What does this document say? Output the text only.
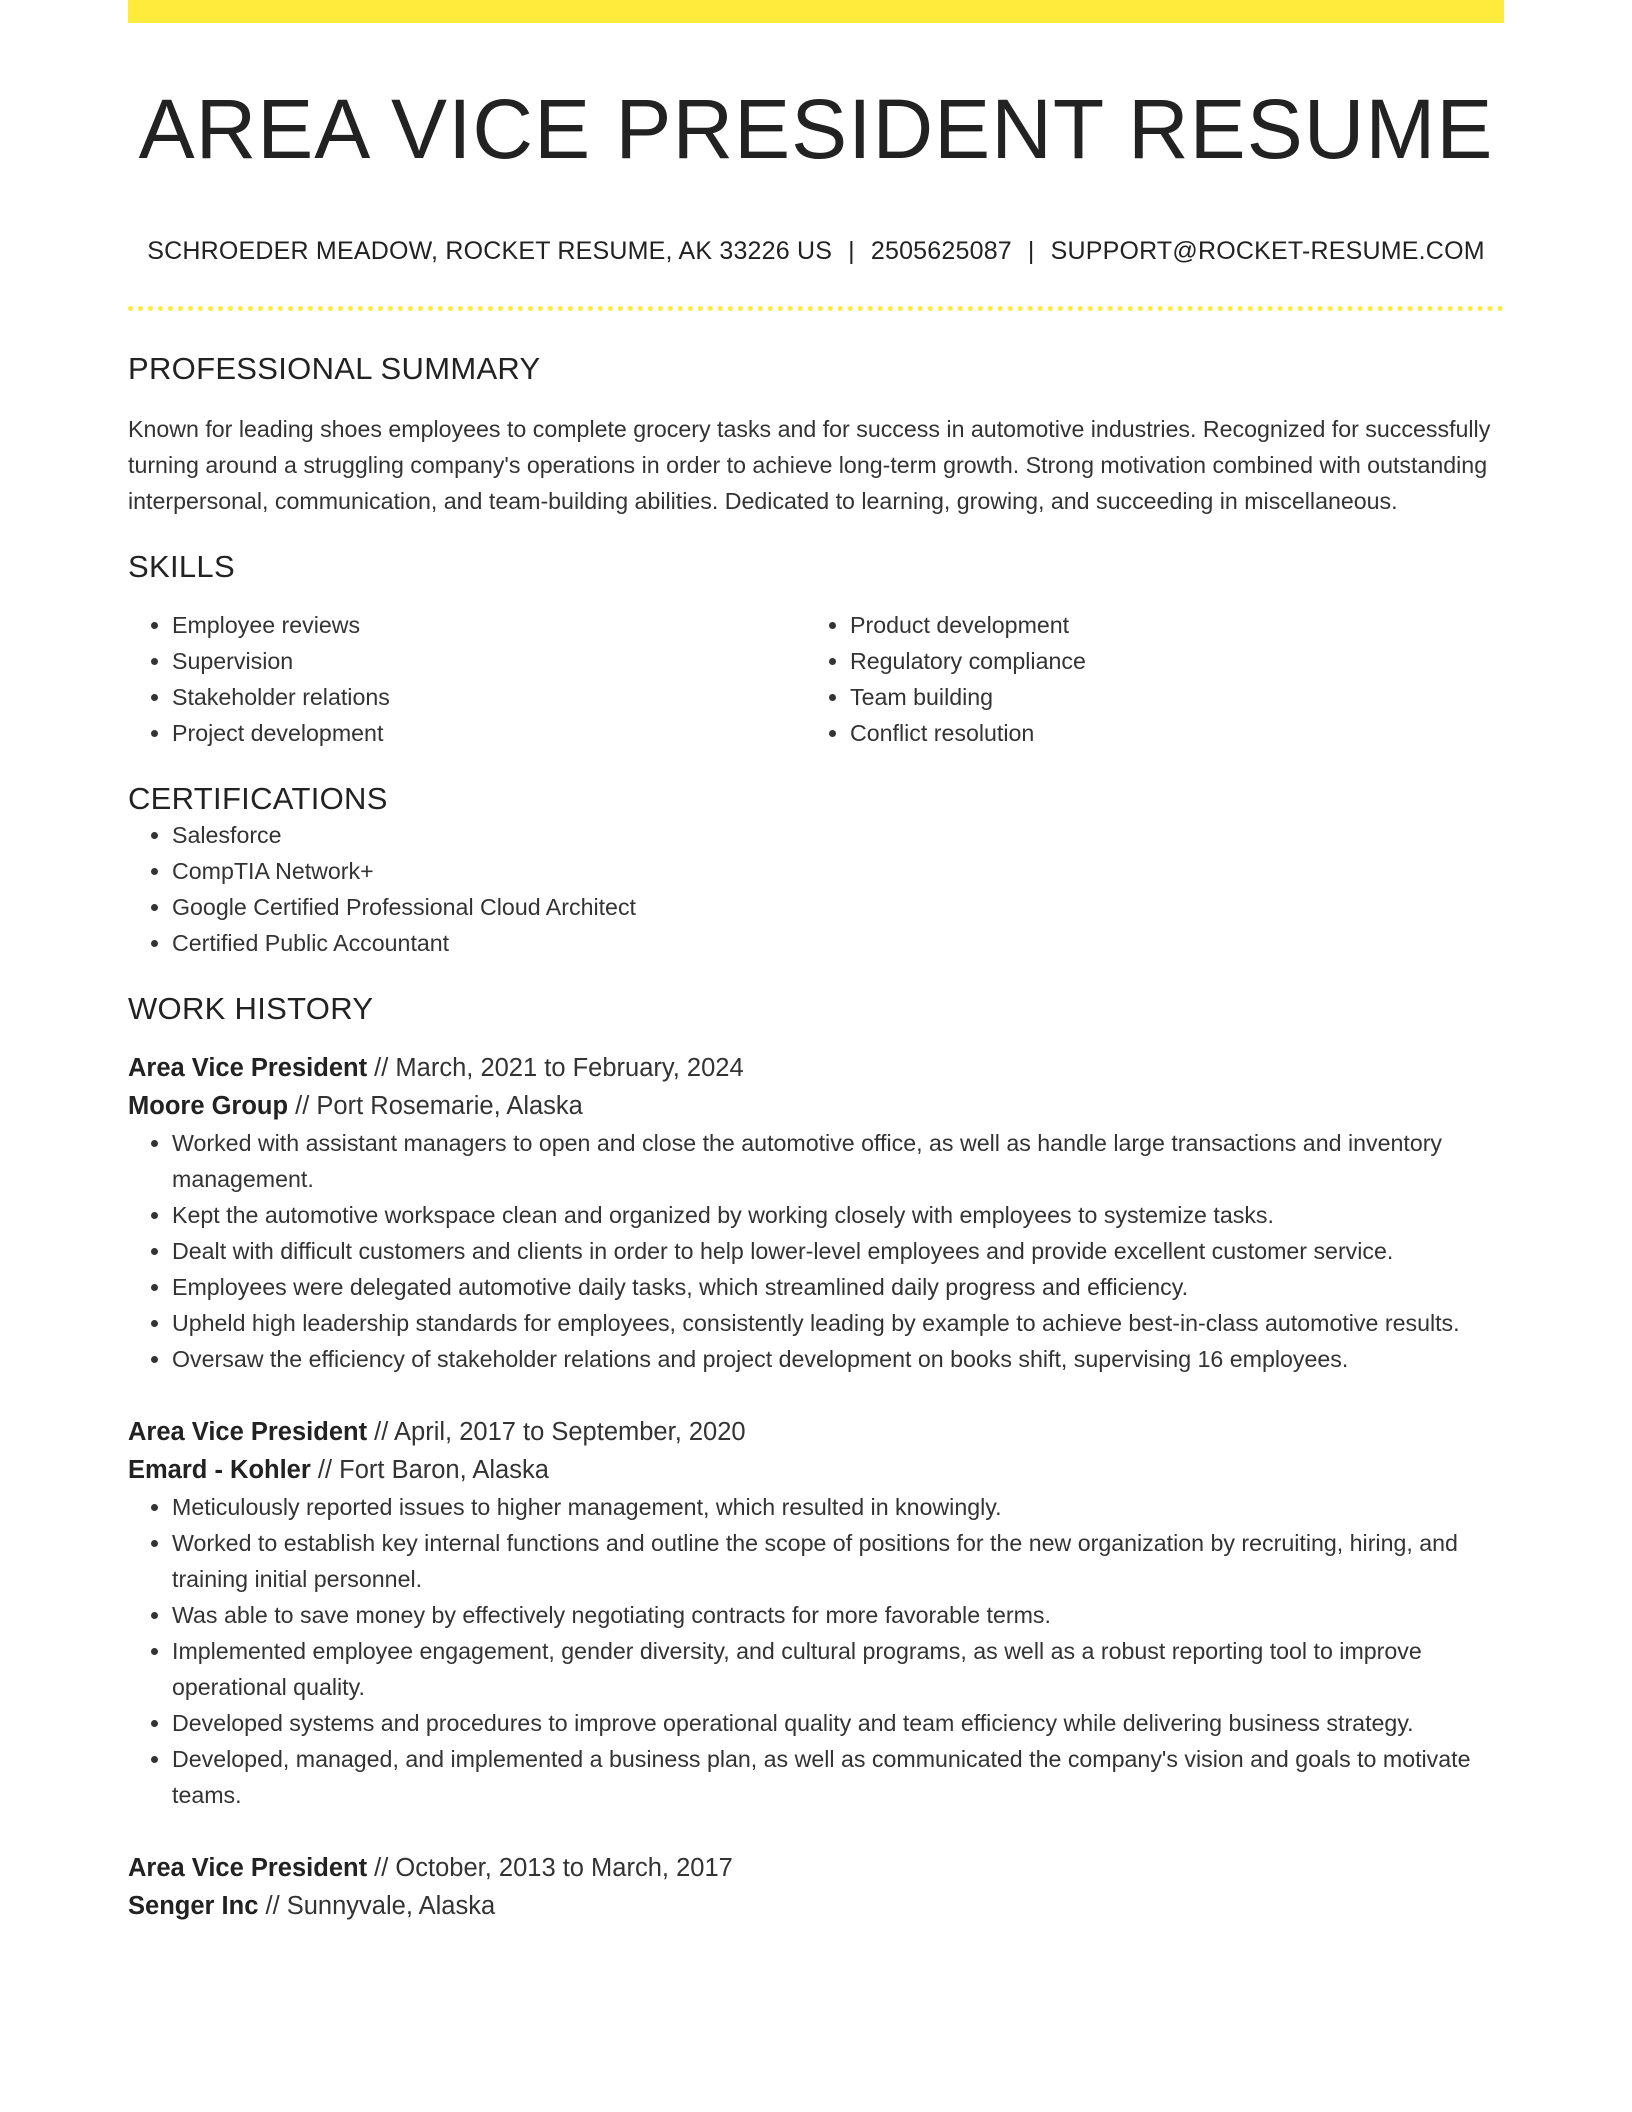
AREA VICE PRESIDENT RESUME
SCHROEDER MEADOW, ROCKET RESUME, AK 33226 US | 2505625087 | SUPPORT@ROCKET-RESUME.COM
PROFESSIONAL SUMMARY

Known for leading shoes employees to complete grocery tasks and for success in automotive industries. Recognized for successfully turning around a struggling company's operations in order to achieve long-term growth. Strong motivation combined with outstanding interpersonal, communication, and team-building abilities. Dedicated to learning, growing, and succeeding in miscellaneous.

SKILLS
• Employee reviews
• Supervision
• Stakeholder relations
• Project development
• Product development
• Regulatory compliance
• Team building
• Conflict resolution
CERTIFICATIONS
• Salesforce
• CompTIA Network+
• Google Certified Professional Cloud Architect
• Certified Public Accountant
WORK HISTORY
Area Vice President // March, 2021 to February, 2024
Moore Group // Port Rosemarie, Alaska
• Worked with assistant managers to open and close the automotive office, as well as handle large transactions and inventory management.
• Kept the automotive workspace clean and organized by working closely with employees to systemize tasks.
• Dealt with difficult customers and clients in order to help lower-level employees and provide excellent customer service.
• Employees were delegated automotive daily tasks, which streamlined daily progress and efficiency.
• Upheld high leadership standards for employees, consistently leading by example to achieve best-in-class automotive results.
• Oversaw the efficiency of stakeholder relations and project development on books shift, supervising 16 employees.
Area Vice President // April, 2017 to September, 2020
Emard - Kohler // Fort Baron, Alaska
• Meticulously reported issues to higher management, which resulted in knowingly.
• Worked to establish key internal functions and outline the scope of positions for the new organization by recruiting, hiring, and training initial personnel.
• Was able to save money by effectively negotiating contracts for more favorable terms.
• Implemented employee engagement, gender diversity, and cultural programs, as well as a robust reporting tool to improve operational quality.
• Developed systems and procedures to improve operational quality and team efficiency while delivering business strategy.
• Developed, managed, and implemented a business plan, as well as communicated the company's vision and goals to motivate teams.
Area Vice President // October, 2013 to March, 2017
Senger Inc // Sunnyvale, Alaska
